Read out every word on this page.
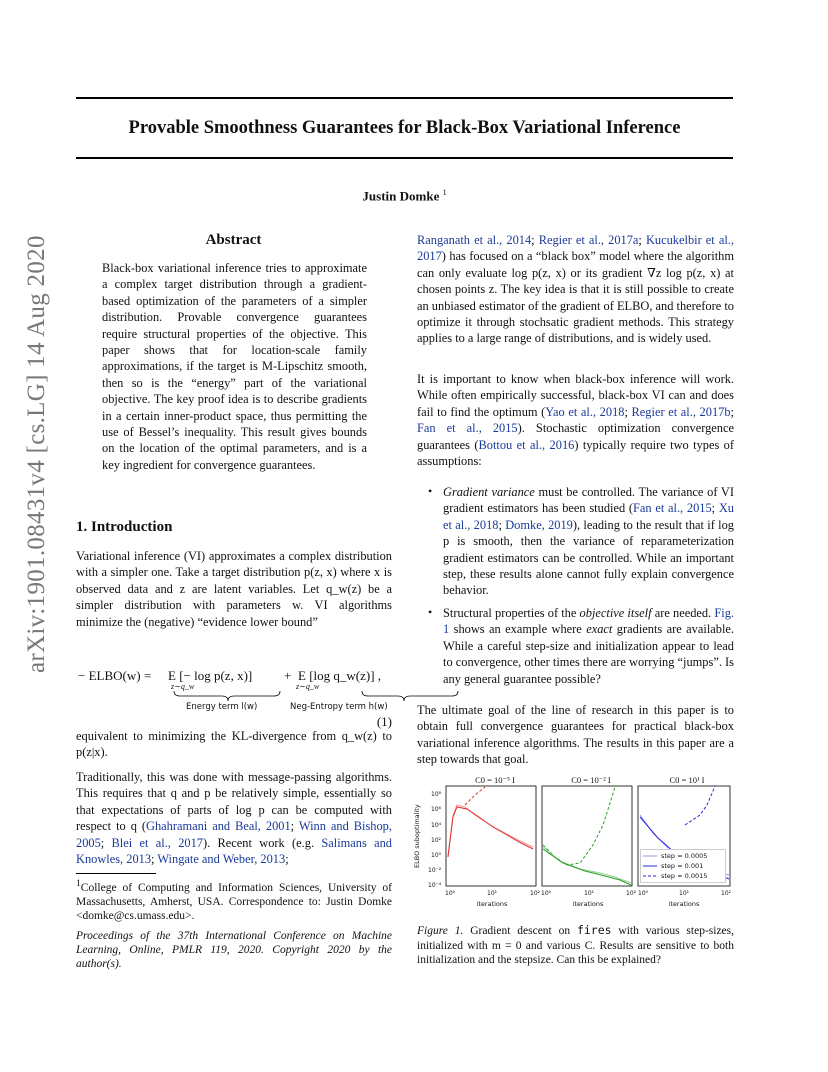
Provable Smoothness Guarantees for Black-Box Variational Inference
Justin Domke $^1$
arXiv:1901.08431v4 [cs.LG] 14 Aug 2020	Abstract
Black-box variational inference tries to approximate a complex target distribution through a gradient-based optimization of the parameters of a simpler distribution. Provable convergence guarantees require structural properties of the objective. This paper shows that for location-scale family approximations, if the target is M-Lipschitz smooth, then so is the “energy” part of the variational objective. The key proof idea is to describe gradients in a certain inner-product space, thus permitting the use of Bessel’s inequality. This result gives bounds on the location of the optimal parameters, and is a key ingredient for convergence guarantees.
1. Introduction
Variational inference (VI) approximates a complex distribution with a simpler one. Take a target distribution p(z, x) where x is observed data and z are latent variables. Let q_w(z) be a simpler distribution with parameters w. VI algorithms minimize the (negative) “evidence lower bound”
− ELBO(w) = E [− log p(z, x)] + E [log q_w(z)] ,
z∼q_w	z∼q_w
Energy term l(w)	Neg-Entropy term h(w)
(1)
equivalent to minimizing the KL-divergence from q_w(z) to p(z|x).
Traditionally, this was done with message-passing algorithms. This requires that q and p be relatively simple, essentially so that expectations of parts of log p can be computed with respect to q (Ghahramani and Beal, 2001; Winn and Bishop, 2005; Blei et al., 2017). Recent work (e.g. Salimans and Knowles, 2013; Wingate and Weber, 2013;
$^1$College of Computing and Information Sciences, University of Massachusetts, Amherst, USA. Correspondence to: Justin Domke <domke@cs.umass.edu>.
Proceedings of the 37th International Conference on Machine Learning, Online, PMLR 119, 2020. Copyright 2020 by the author(s).
Ranganath et al., 2014; Regier et al., 2017a; Kucukelbir et al., 2017) has focused on a “black box” model where the algorithm can only evaluate log p(z, x) or its gradient ∇z log p(z, x) at chosen points z. The key idea is that it is still possible to create an unbiased estimator of the gradient of ELBO, and therefore to optimize it through stochsatic gradient methods. This strategy applies to a large range of distributions, and is widely used.
It is important to know when black-box inference will work. While often empirically successful, black-box VI can and does fail to find the optimum (Yao et al., 2018; Regier et al., 2017b; Fan et al., 2015). Stochastic optimization convergence guarantees (Bottou et al., 2016) typically require two types of assumptions:
• Gradient variance must be controlled. The variance of VI gradient estimators has been studied (Fan et al., 2015; Xu et al., 2018; Domke, 2019), leading to the result that if log p is smooth, then the variance of reparameterization gradient estimators can be controlled. While an important step, these results alone cannot fully explain convergence behavior.
• Structural properties of the objective itself are needed. Fig. 1 shows an example where exact gradients are available. While a careful step-size and initialization appear to lead to convergence, other times there are worrying “jumps”. Is any general guarantee possible?
The ultimate goal of the line of research in this paper is to obtain full convergence guarantees for practical black-box variational inference algorithms. The results in this paper are a step towards that goal.
C0 = 10⁻⁵ I	C0 = 10⁻² I	C0 = 10¹ I
ELBO suboptimality
10⁸
10⁶
10⁴
10²
10⁰
10⁻²
10⁻⁴
10⁰	10¹	10² 10⁰	10¹	10² 10⁰	10¹	10²
iterations	iterations	iterations
step = 0.0005
step = 0.001
step = 0.0015
Figure 1. Gradient descent on fires with various step-sizes, initialized with m = 0 and various C. Results are sensitive to both initialization and the stepsize. Can this be explained?
